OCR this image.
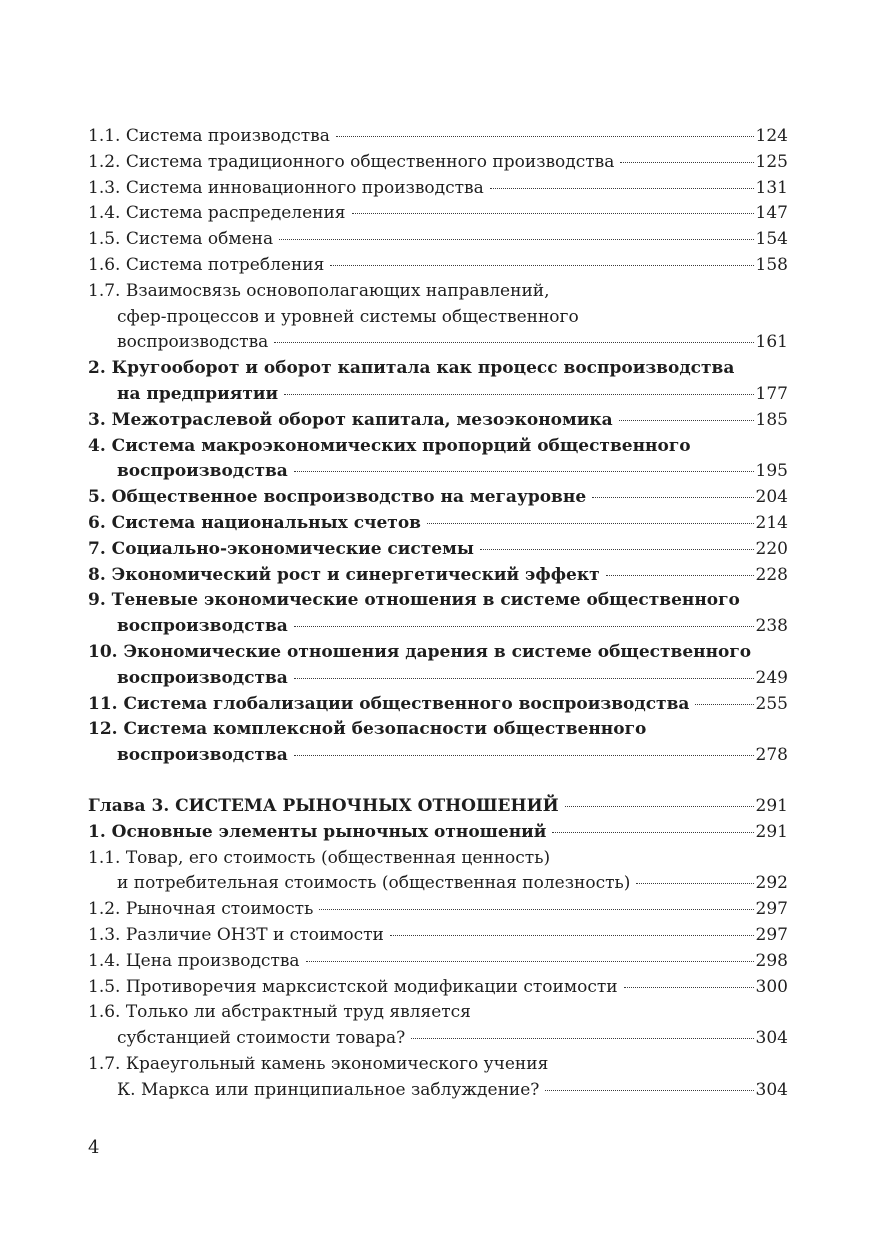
1.1. Система производства	124
1.2. Система традиционного общественного производства	125
1.3. Система инновационного производства	131
1.4. Система распределения	147
1.5. Система обмена	154
1.6. Система потребления	158
1.7. Взаимосвязь основополагающих направлений,
сфер-процессов и уровней системы общественного
воспроизводства	161
2. Кругооборот и оборот капитала как процесс воспроизводства
на предприятии	177
3. Межотраслевой оборот капитала, мезоэкономика	185
4. Система макроэкономических пропорций общественного
воспроизводства	195
5. Общественное воспроизводство на мегауровне	204
6. Система национальных счетов	214
7. Социально-экономические системы	220
8. Экономический рост и синергетический эффект	228
9. Теневые экономические отношения в системе общественного
воспроизводства	238
10. Экономические отношения дарения в системе общественного
воспроизводства	249
11. Система глобализации общественного воспроизводства	255
12. Система комплексной безопасности общественного
воспроизводства	278
Глава 3. СИСТЕМА РЫНОЧНЫХ ОТНОШЕНИЙ	291
1. Основные элементы рыночных отношений	291
1.1. Товар, его стоимость (общественная ценность)
и потребительная стоимость (общественная полезность)	292
1.2. Рыночная стоимость	297
1.3. Различие ОНЗТ и стоимости	297
1.4. Цена производства	298
1.5. Противоречия марксистской модификации стоимости	300
1.6. Только ли абстрактный труд является
субстанцией стоимости товара?	304
1.7. Краеугольный камень экономического учения
К. Маркса или принципиальное заблуждение?	304
4
